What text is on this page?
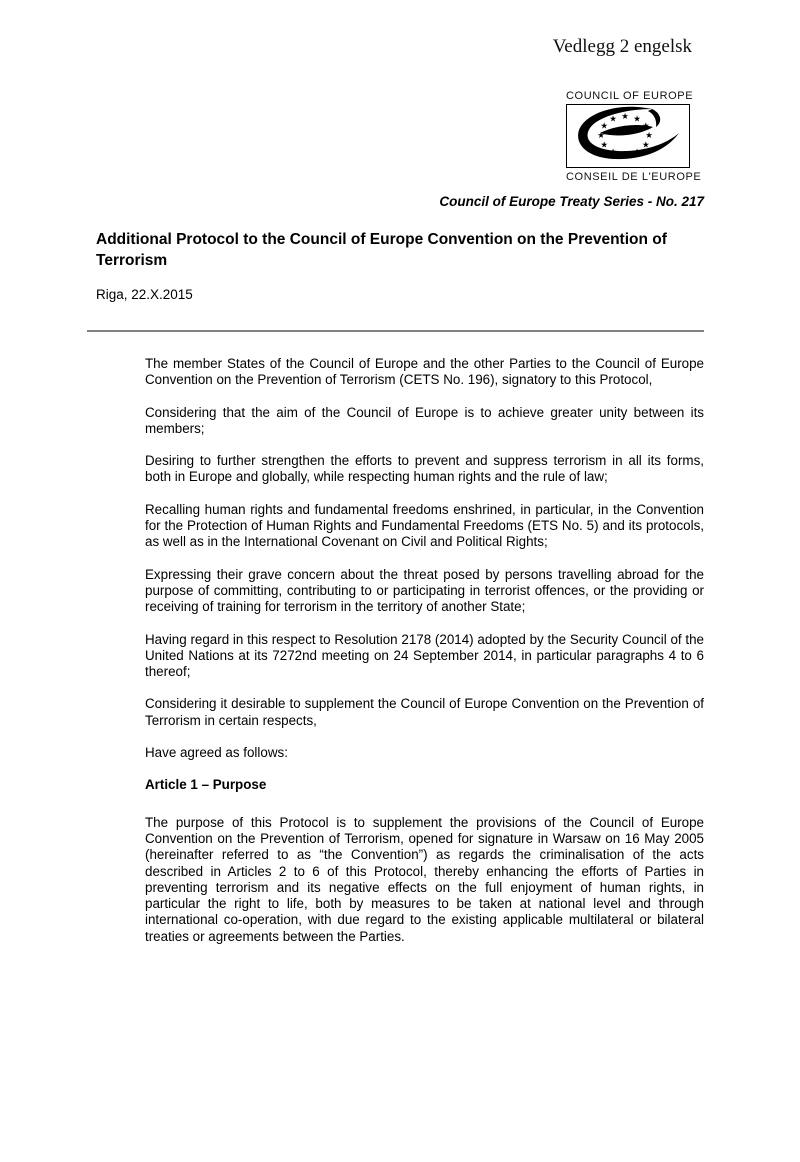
Vedlegg 2 engelsk
COUNCIL OF EUROPE
★ ★
★
★
★
★
★
★
★
★
★
★
CONSEIL DE L'EUROPE
Council of Europe Treaty Series - No. 217
Additional Protocol to the Council of Europe Convention on the Prevention of Terrorism
Riga, 22.X.2015

The member States of the Council of Europe and the other Parties to the Council of Europe Convention on the Prevention of Terrorism (CETS No. 196), signatory to this Protocol,

Considering that the aim of the Council of Europe is to achieve greater unity between its members;

Desiring to further strengthen the efforts to prevent and suppress terrorism in all its forms, both in Europe and globally, while respecting human rights and the rule of law;

Recalling human rights and fundamental freedoms enshrined, in particular, in the Convention for the Protection of Human Rights and Fundamental Freedoms (ETS No. 5) and its protocols, as well as in the International Covenant on Civil and Political Rights;

Expressing their grave concern about the threat posed by persons travelling abroad for the purpose of committing, contributing to or participating in terrorist offences, or the providing or receiving of training for terrorism in the territory of another State;

Having regard in this respect to Resolution 2178 (2014) adopted by the Security Council of the United Nations at its 7272nd meeting on 24 September 2014, in particular paragraphs 4 to 6 thereof;

Considering it desirable to supplement the Council of Europe Convention on the Prevention of Terrorism in certain respects,

Have agreed as follows:

Article 1 – Purpose

The purpose of this Protocol is to supplement the provisions of the Council of Europe Convention on the Prevention of Terrorism, opened for signature in Warsaw on 16 May 2005 (hereinafter referred to as “the Convention”) as regards the criminalisation of the acts described in Articles 2 to 6 of this Protocol, thereby enhancing the efforts of Parties in preventing terrorism and its negative effects on the full enjoyment of human rights, in particular the right to life, both by measures to be taken at national level and through international co-operation, with due regard to the existing applicable multilateral or bilateral treaties or agreements between the Parties.
